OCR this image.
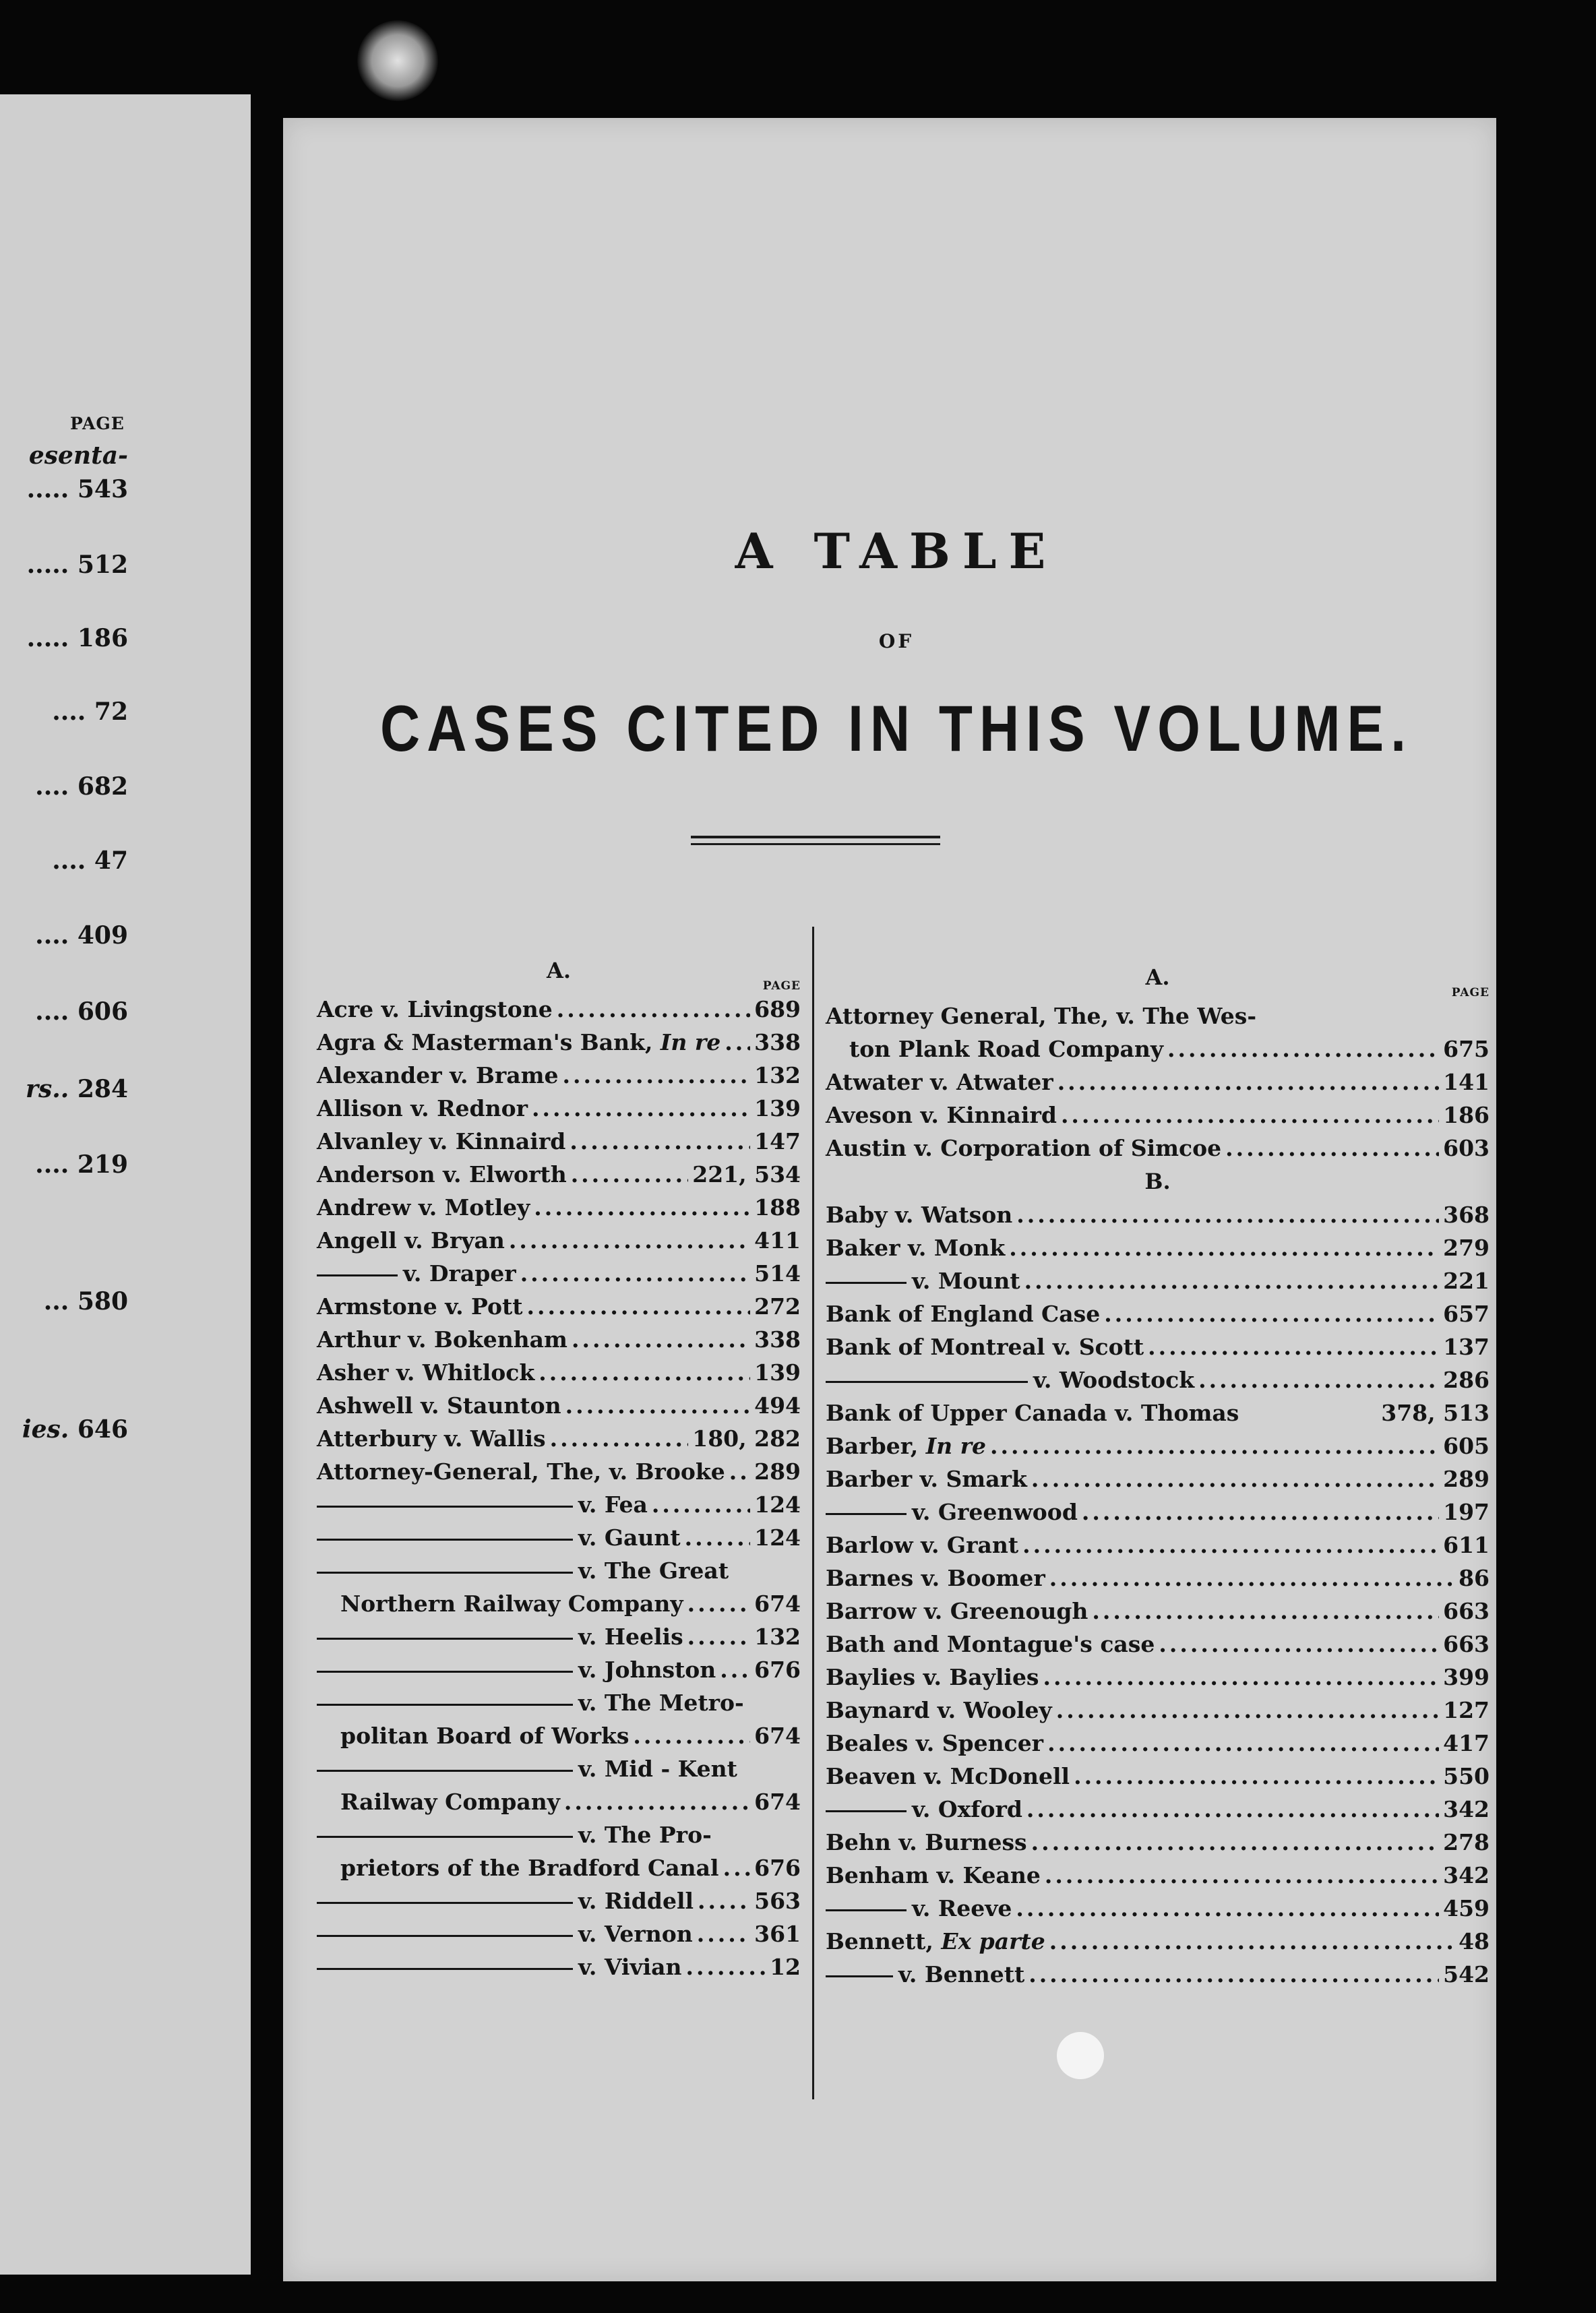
PAGE
esenta-
..... 543
..... 512
..... 186
.... 72
.... 682
.... 47
.... 409
.... 606
rs.. 284
.... 219
... 580
ies. 646
A TABLE
OF
CASES CITED IN THIS VOLUME.
A.
PAGE
Acre v. Livingstone .....	689
Agra & Masterman's Bank, In re ..... 338
Alexander v. Brame .....	132
Allison v. Rednor .....	139
Alvanley v. Kinnaird .....	147
Anderson v. Elworth .....	221, 534
Andrew v. Motley .....	188
Angell v. Bryan .....	411
v. Draper .....	514
Armstone v. Pott .....	272
Arthur v. Bokenham .....	338
Asher v. Whitlock .....	139
Ashwell v. Staunton .....	494
Atterbury v. Wallis .....	180, 282
Attorney-General, The, v. Brooke ..... 289
v. Fea .....	124
v. Gaunt .....	124
v. The Great
Northern Railway Company .....	674
v. Heelis .....	132
v. Johnston ..... 676
v. The Metro-
politan Board of Works .....	674
v. Mid - Kent
Railway Company .....	674
v. The Pro-
prietors of the Bradford Canal ..... 676
v. Riddell .....	563
v. Vernon .....	361
v. Vivian .....	12
A.
PAGE
Attorney General, The, v. The Wes-
ton Plank Road Company .....	675
Atwater v. Atwater .....	141
Aveson v. Kinnaird .....	186
Austin v. Corporation of Simcoe .....	603
B.
Baby v. Watson .....	368
Baker v. Monk .....	279
v. Mount .....	221
Bank of England Case .....	657
Bank of Montreal v. Scott .....	137
v. Woodstock .....	286
Bank of Upper Canada v. Thomas	378, 513
Barber, In re .....	605
Barber v. Smark .....	289
v. Greenwood .....	197
Barlow v. Grant .....	611
Barnes v. Boomer .....	86
Barrow v. Greenough .....	663
Bath and Montague's case .....	663
Baylies v. Baylies .....	399
Baynard v. Wooley .....	127
Beales v. Spencer .....	417
Beaven v. McDonell .....	550
v. Oxford .....	342
Behn v. Burness .....	278
Benham v. Keane .....	342
v. Reeve .....	459
Bennett, Ex parte .....	48
v. Bennett .....	542
